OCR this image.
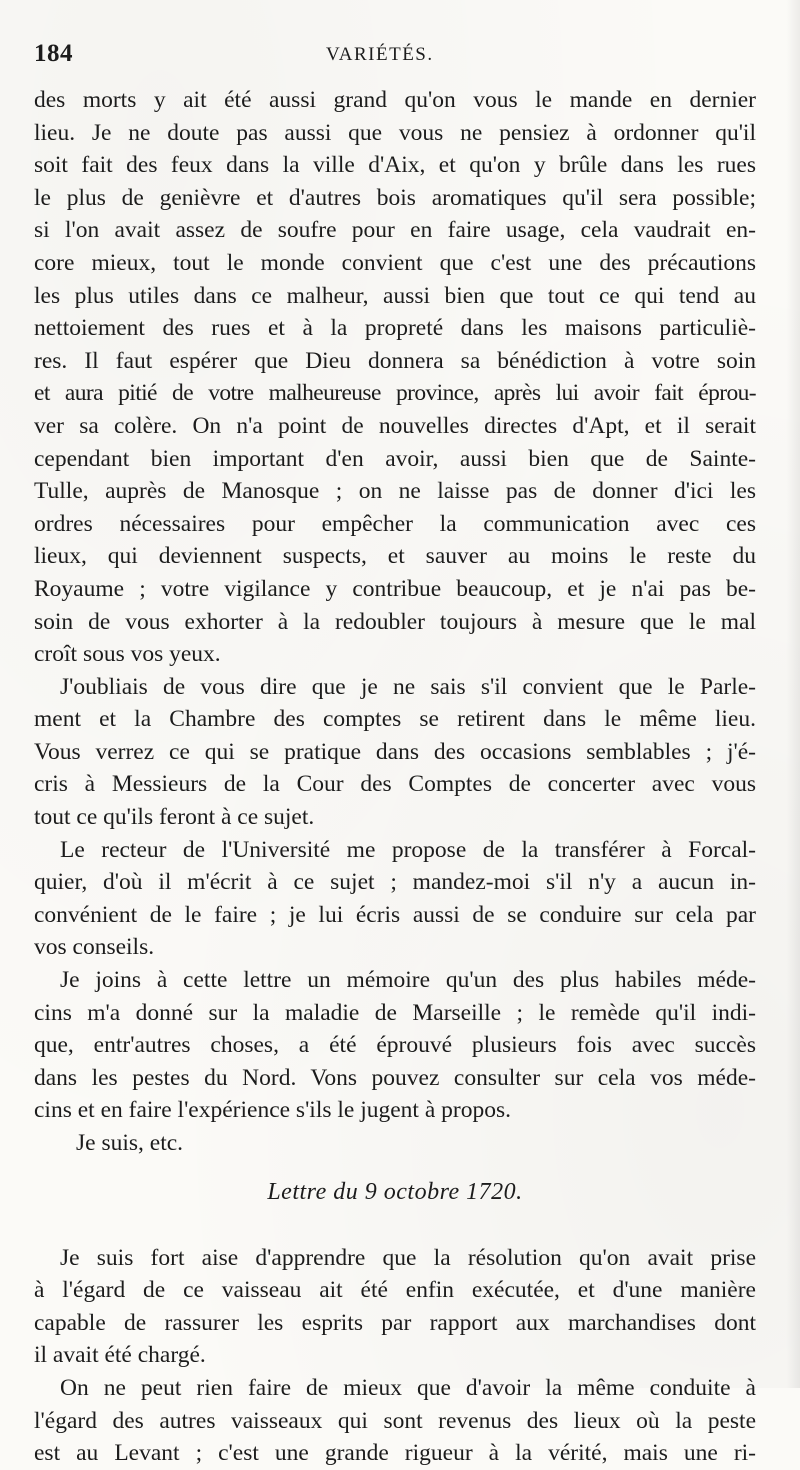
184	VARIÉTÉS.
des morts y ait été aussi grand qu'on vous le mande en dernier
lieu. Je ne doute pas aussi que vous ne pensiez à ordonner qu'il
soit fait des feux dans la ville d'Aix, et qu'on y brûle dans les rues
le plus de genièvre et d'autres bois aromatiques qu'il sera possible;
si l'on avait assez de soufre pour en faire usage, cela vaudrait en-
core mieux, tout le monde convient que c'est une des précautions
les plus utiles dans ce malheur, aussi bien que tout ce qui tend au
nettoiement des rues et à la propreté dans les maisons particuliè-
res. Il faut espérer que Dieu donnera sa bénédiction à votre soin
et aura pitié de votre malheureuse province, après lui avoir fait éprou-
ver sa colère. On n'a point de nouvelles directes d'Apt, et il serait
cependant bien important d'en avoir, aussi bien que de Sainte-
Tulle, auprès de Manosque ; on ne laisse pas de donner d'ici les
ordres nécessaires pour empêcher la communication avec ces
lieux, qui deviennent suspects, et sauver au moins le reste du
Royaume ; votre vigilance y contribue beaucoup, et je n'ai pas be-
soin de vous exhorter à la redoubler toujours à mesure que le mal
croît sous vos yeux.
J'oubliais de vous dire que je ne sais s'il convient que le Parle-
ment et la Chambre des comptes se retirent dans le même lieu.
Vous verrez ce qui se pratique dans des occasions semblables ; j'é-
cris à Messieurs de la Cour des Comptes de concerter avec vous
tout ce qu'ils feront à ce sujet.
Le recteur de l'Université me propose de la transférer à Forcal-
quier, d'où il m'écrit à ce sujet ; mandez-moi s'il n'y a aucun in-
convénient de le faire ; je lui écris aussi de se conduire sur cela par
vos conseils.
Je joins à cette lettre un mémoire qu'un des plus habiles méde-
cins m'a donné sur la maladie de Marseille ; le remède qu'il indi-
que, entr'autres choses, a été éprouvé plusieurs fois avec succès
dans les pestes du Nord. Vons pouvez consulter sur cela vos méde-
cins et en faire l'expérience s'ils le jugent à propos.
Je suis, etc.
Lettre du 9 octobre 1720.
Je suis fort aise d'apprendre que la résolution qu'on avait prise
à l'égard de ce vaisseau ait été enfin exécutée, et d'une manière
capable de rassurer les esprits par rapport aux marchandises dont
il avait été chargé.
On ne peut rien faire de mieux que d'avoir la même conduite à
l'égard des autres vaisseaux qui sont revenus des lieux où la peste
est au Levant ; c'est une grande rigueur à la vérité, mais une ri-
